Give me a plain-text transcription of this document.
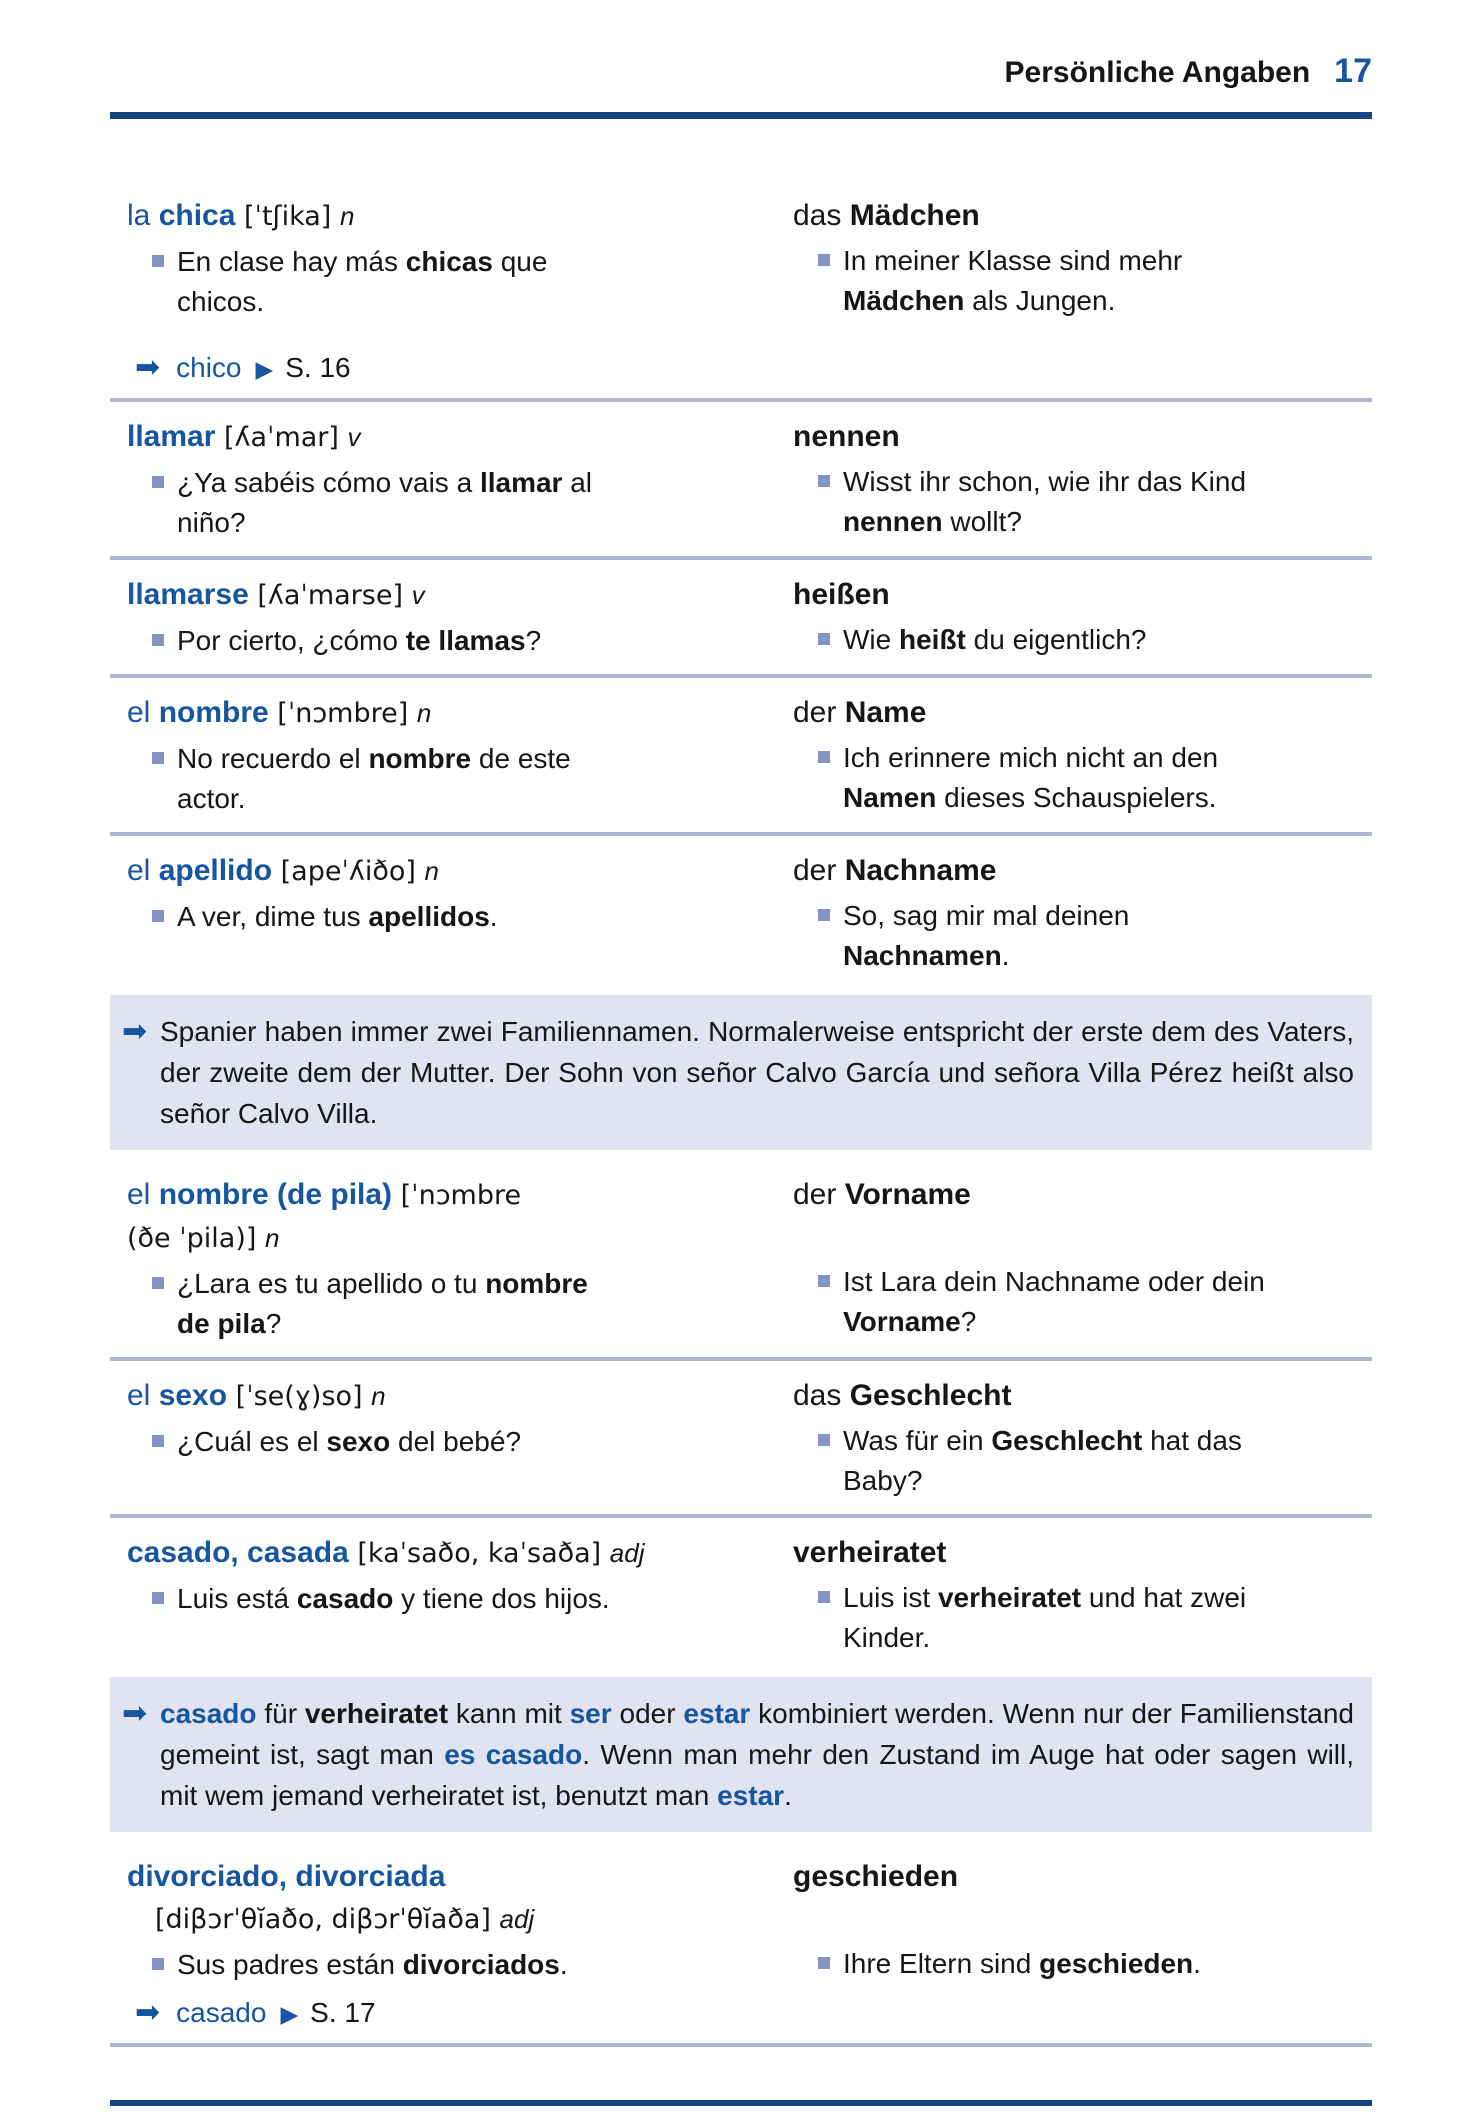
Persönliche Angaben 17

la chica [ˈtʃika] n

En clase hay más chicas que chicos.

➡ chico ▶ S. 16

das Mädchen

In meiner Klasse sind mehr Mädchen als Jungen.

llamar [ʎaˈmar] v

¿Ya sabéis cómo vais a llamar al niño?

nennen

Wisst ihr schon, wie ihr das Kind nennen wollt?

llamarse [ʎaˈmarse] v

Por cierto, ¿cómo te llamas?

heißen

Wie heißt du eigentlich?

el nombre [ˈnɔmbre] n

No recuerdo el nombre de este actor.

der Name

Ich erinnere mich nicht an den Namen dieses Schauspielers.

el apellido [apeˈʎiðo] n

A ver, dime tus apellidos.

der Nachname

So, sag mir mal deinen Nachnamen.

➡ Spanier haben immer zwei Familiennamen. Normalerweise entspricht der erste dem des Vaters, der zweite dem der Mutter. Der Sohn von señor Calvo García und señora Villa Pérez heißt also señor Calvo Villa.

el nombre (de pila) [ˈnɔmbre

(ðe ˈpila)] n

¿Lara es tu apellido o tu nombre de pila?

der Vorname

Ist Lara dein Nachname oder dein Vorname?

el sexo [ˈse(ɣ)so] n

¿Cuál es el sexo del bebé?

das Geschlecht

Was für ein Geschlecht hat das Baby?

casado, casada [kaˈsaðo, kaˈsaða] adj

Luis está casado y tiene dos hijos.

verheiratet

Luis ist verheiratet und hat zwei Kinder.

➡ casado für verheiratet kann mit ser oder estar kombiniert werden. Wenn nur der Familienstand gemeint ist, sagt man es casado. Wenn man mehr den Zustand im Auge hat oder sagen will, mit wem jemand verheiratet ist, benutzt man estar.

divorciado, divorciada

[diβɔrˈθĭaðo, diβɔrˈθĭaða] adj

Sus padres están divorciados.

➡ casado ▶ S. 17

geschieden

Ihre Eltern sind geschieden.
